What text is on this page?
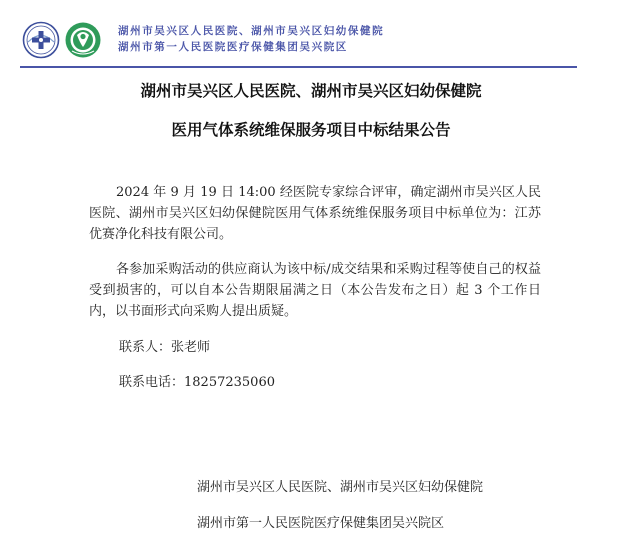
湖州市吴兴区人民医院、湖州市吴兴区妇幼保健院
湖州市第一人民医院医疗保健集团吴兴院区
湖州市吴兴区人民医院、湖州市吴兴区妇幼保健院
医用气体系统维保服务项目中标结果公告
2024 年 9 月 19 日 14:00 经医院专家综合评审，确定湖州市吴兴区人民医院、湖州市吴兴区妇幼保健院医用气体系统维保服务项目中标单位为：江苏优赛净化科技有限公司。
各参加采购活动的供应商认为该中标/成交结果和采购过程等使自己的权益受到损害的，可以自本公告期限届满之日（本公告发布之日）起 3 个工作日内，以书面形式向采购人提出质疑。
联系人：张老师
联系电话：18257235060
湖州市吴兴区人民医院、湖州市吴兴区妇幼保健院
湖州市第一人民医院医疗保健集团吴兴院区
